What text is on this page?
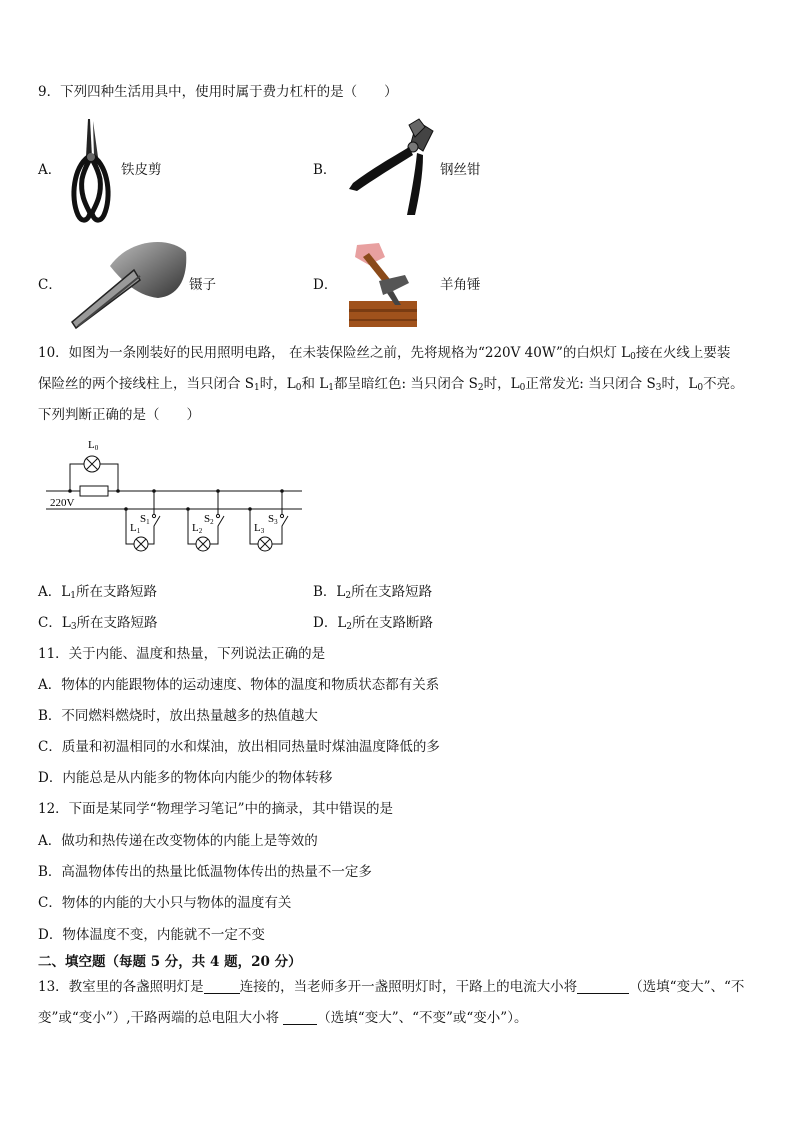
9．下列四种生活用具中，使用时属于费力杠杆的是（　　）
A．	铁皮剪	B．	钢丝钳
C．	镊子	D．	羊角锤
10．如图为一条刚装好的民用照明电路， 在未装保险丝之前，先将规格为“220V 40W”的白炽灯 $L_0$接在火线上要装
保险丝的两个接线柱上，当只闭合 $S_1$时，$L_0$和 $L_1$都呈暗红色: 当只闭合 $S_2$时，$L_0$正常发光: 当只闭合 $S_3$时，$L_0$不亮。
下列判断正确的是（　　）
L0
220V
L1
S1	L2
S2	L3
S3
A．$L_1$所在支路短路	B．$L_2$所在支路短路
C．$L_3$所在支路短路	D．$L_2$所在支路断路
11．关于内能、温度和热量，下列说法正确的是
A．物体的内能跟物体的运动速度、物体的温度和物质状态都有关系
B．不同燃料燃烧时，放出热量越多的热值越大
C．质量和初温相同的水和煤油，放出相同热量时煤油温度降低的多
D．内能总是从内能多的物体向内能少的物体转移
12．下面是某同学“物理学习笔记”中的摘录，其中错误的是
A．做功和热传递在改变物体的内能上是等效的
B．高温物体传出的热量比低温物体传出的热量不一定多
C．物体的内能的大小只与物体的温度有关
D．物体温度不变，内能就不一定不变
二、填空题（每题 5 分，共 4 题，20 分）
13．教室里的各盏照明灯是	连接的，当老师多开一盏照明灯时，干路上的电流大小将	（选填“变大”、“不
变”或“变小”）,干路两端的总电阻大小将	（选填“变大”、“不变”或“变小”）。
